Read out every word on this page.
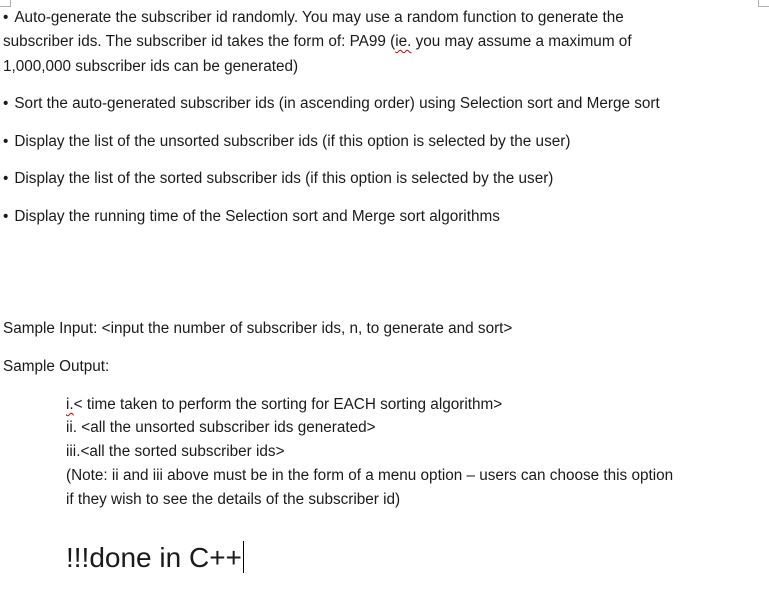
• Auto-generate the subscriber id randomly. You may use a random function to generate the
subscriber ids. The subscriber id takes the form of: PA99 (ie. you may assume a maximum of
1,000,000 subscriber ids can be generated)
• Sort the auto-generated subscriber ids (in ascending order) using Selection sort and Merge sort
• Display the list of the unsorted subscriber ids (if this option is selected by the user)
• Display the list of the sorted subscriber ids (if this option is selected by the user)
• Display the running time of the Selection sort and Merge sort algorithms
Sample Input: <input the number of subscriber ids, n, to generate and sort>
Sample Output:
i.< time taken to perform the sorting for EACH sorting algorithm>
ii. <all the unsorted subscriber ids generated>
iii.<all the sorted subscriber ids>
(Note: ii and iii above must be in the form of a menu option – users can choose this option
if they wish to see the details of the subscriber id)
!!!done in C++
